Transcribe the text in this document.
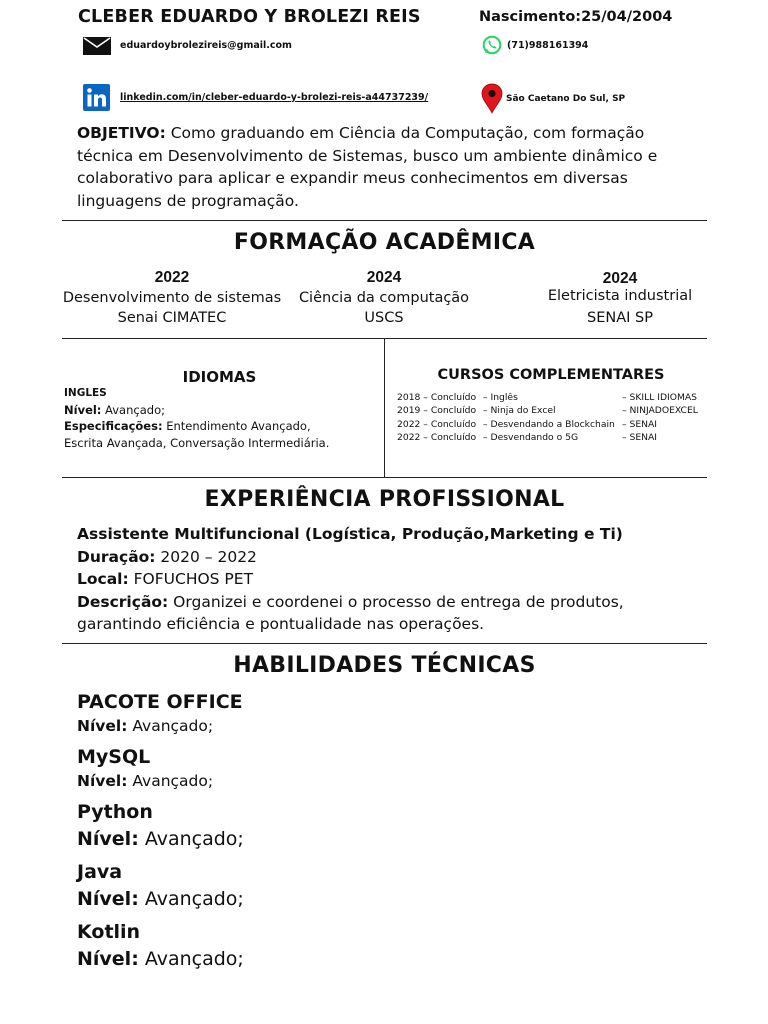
CLEBER EDUARDO Y BROLEZI REIS	Nascimento:25/04/2004
eduardoybrolezireis@gmail.com	(71)988161394
linkedin.com/in/cleber-eduardo-y-brolezi-reis-a44737239/	São Caetano Do Sul, SP
OBJETIVO: Como graduando em Ciência da Computação, com formação
técnica em Desenvolvimento de Sistemas, busco um ambiente dinâmico e
colaborativo para aplicar e expandir meus conhecimentos em diversas
linguagens de programação.
FORMAÇÃO ACADÊMICA
2022
Desenvolvimento de sistemas
Senai CIMATEC
2024
Ciência da computação
USCS
2024
Eletricista industrial
SENAI SP
IDIOMAS
INGLES
Nível: Avançado;
Especificações: Entendimento Avançado,
Escrita Avançada, Conversação Intermediária.
CURSOS COMPLEMENTARES
2018 – Concluído – Inglês	– SKILL IDIOMAS
2019 – Concluído – Ninja do Excel	– NINJADOEXCEL
2022 – Concluído – Desvendando a Blockchain – SENAI
2022 – Concluído – Desvendando o 5G	– SENAI
EXPERIÊNCIA PROFISSIONAL
Assistente Multifuncional (Logística, Produção,Marketing e Ti)
Duração: 2020 – 2022
Local: FOFUCHOS PET
Descrição: Organizei e coordenei o processo de entrega de produtos,
garantindo eficiência e pontualidade nas operações.
HABILIDADES TÉCNICAS
PACOTE OFFICE
Nível: Avançado;
MySQL
Nível: Avançado;
Python
Nível: Avançado;
Java
Nível: Avançado;
Kotlin
Nível: Avançado;
